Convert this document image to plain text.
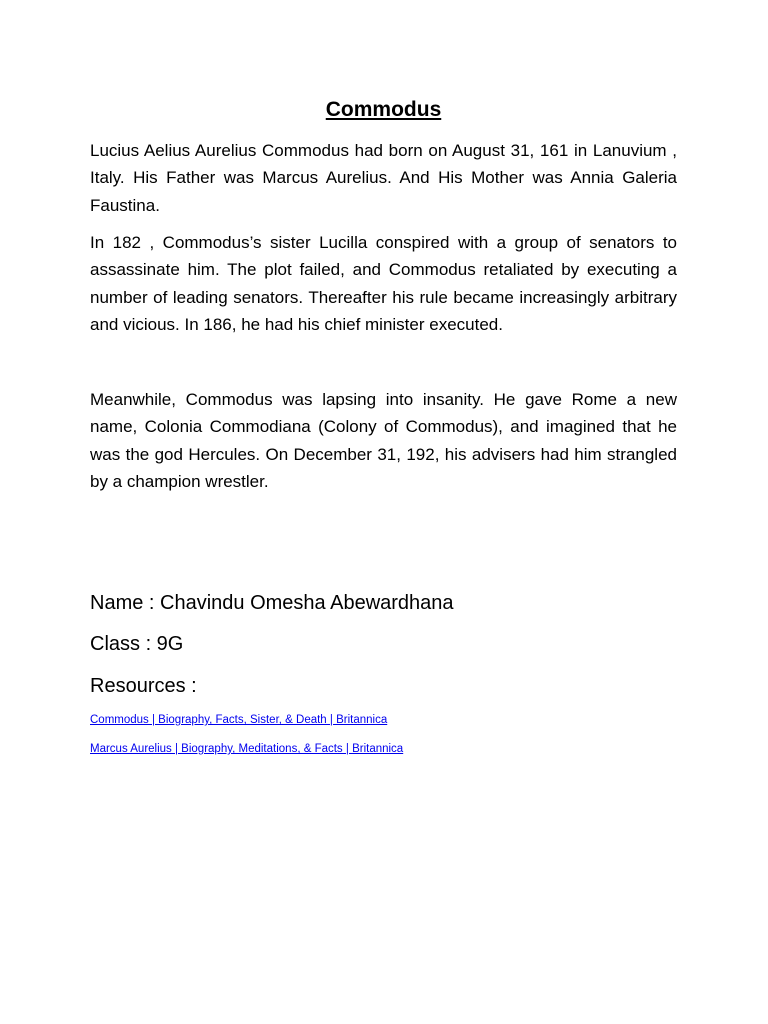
Commodus

Lucius Aelius Aurelius Commodus had born on August 31, 161 in Lanuvium , Italy. His Father was Marcus Aurelius. And His Mother was Annia Galeria Faustina.

In 182 , Commodus’s sister Lucilla conspired with a group of senators to assassinate him. The plot failed, and Commodus retaliated by executing a number of leading senators. Thereafter his rule became increasingly arbitrary and vicious. In 186, he had his chief minister executed.

Meanwhile, Commodus was lapsing into insanity. He gave Rome a new name, Colonia Commodiana (Colony of Commodus), and imagined that he was the god Hercules. On December 31, 192, his advisers had him strangled by a champion wrestler.

Name : Chavindu Omesha Abewardhana

Class : 9G

Resources :

Commodus | Biography, Facts, Sister, & Death | Britannica
Marcus Aurelius | Biography, Meditations, & Facts | Britannica
